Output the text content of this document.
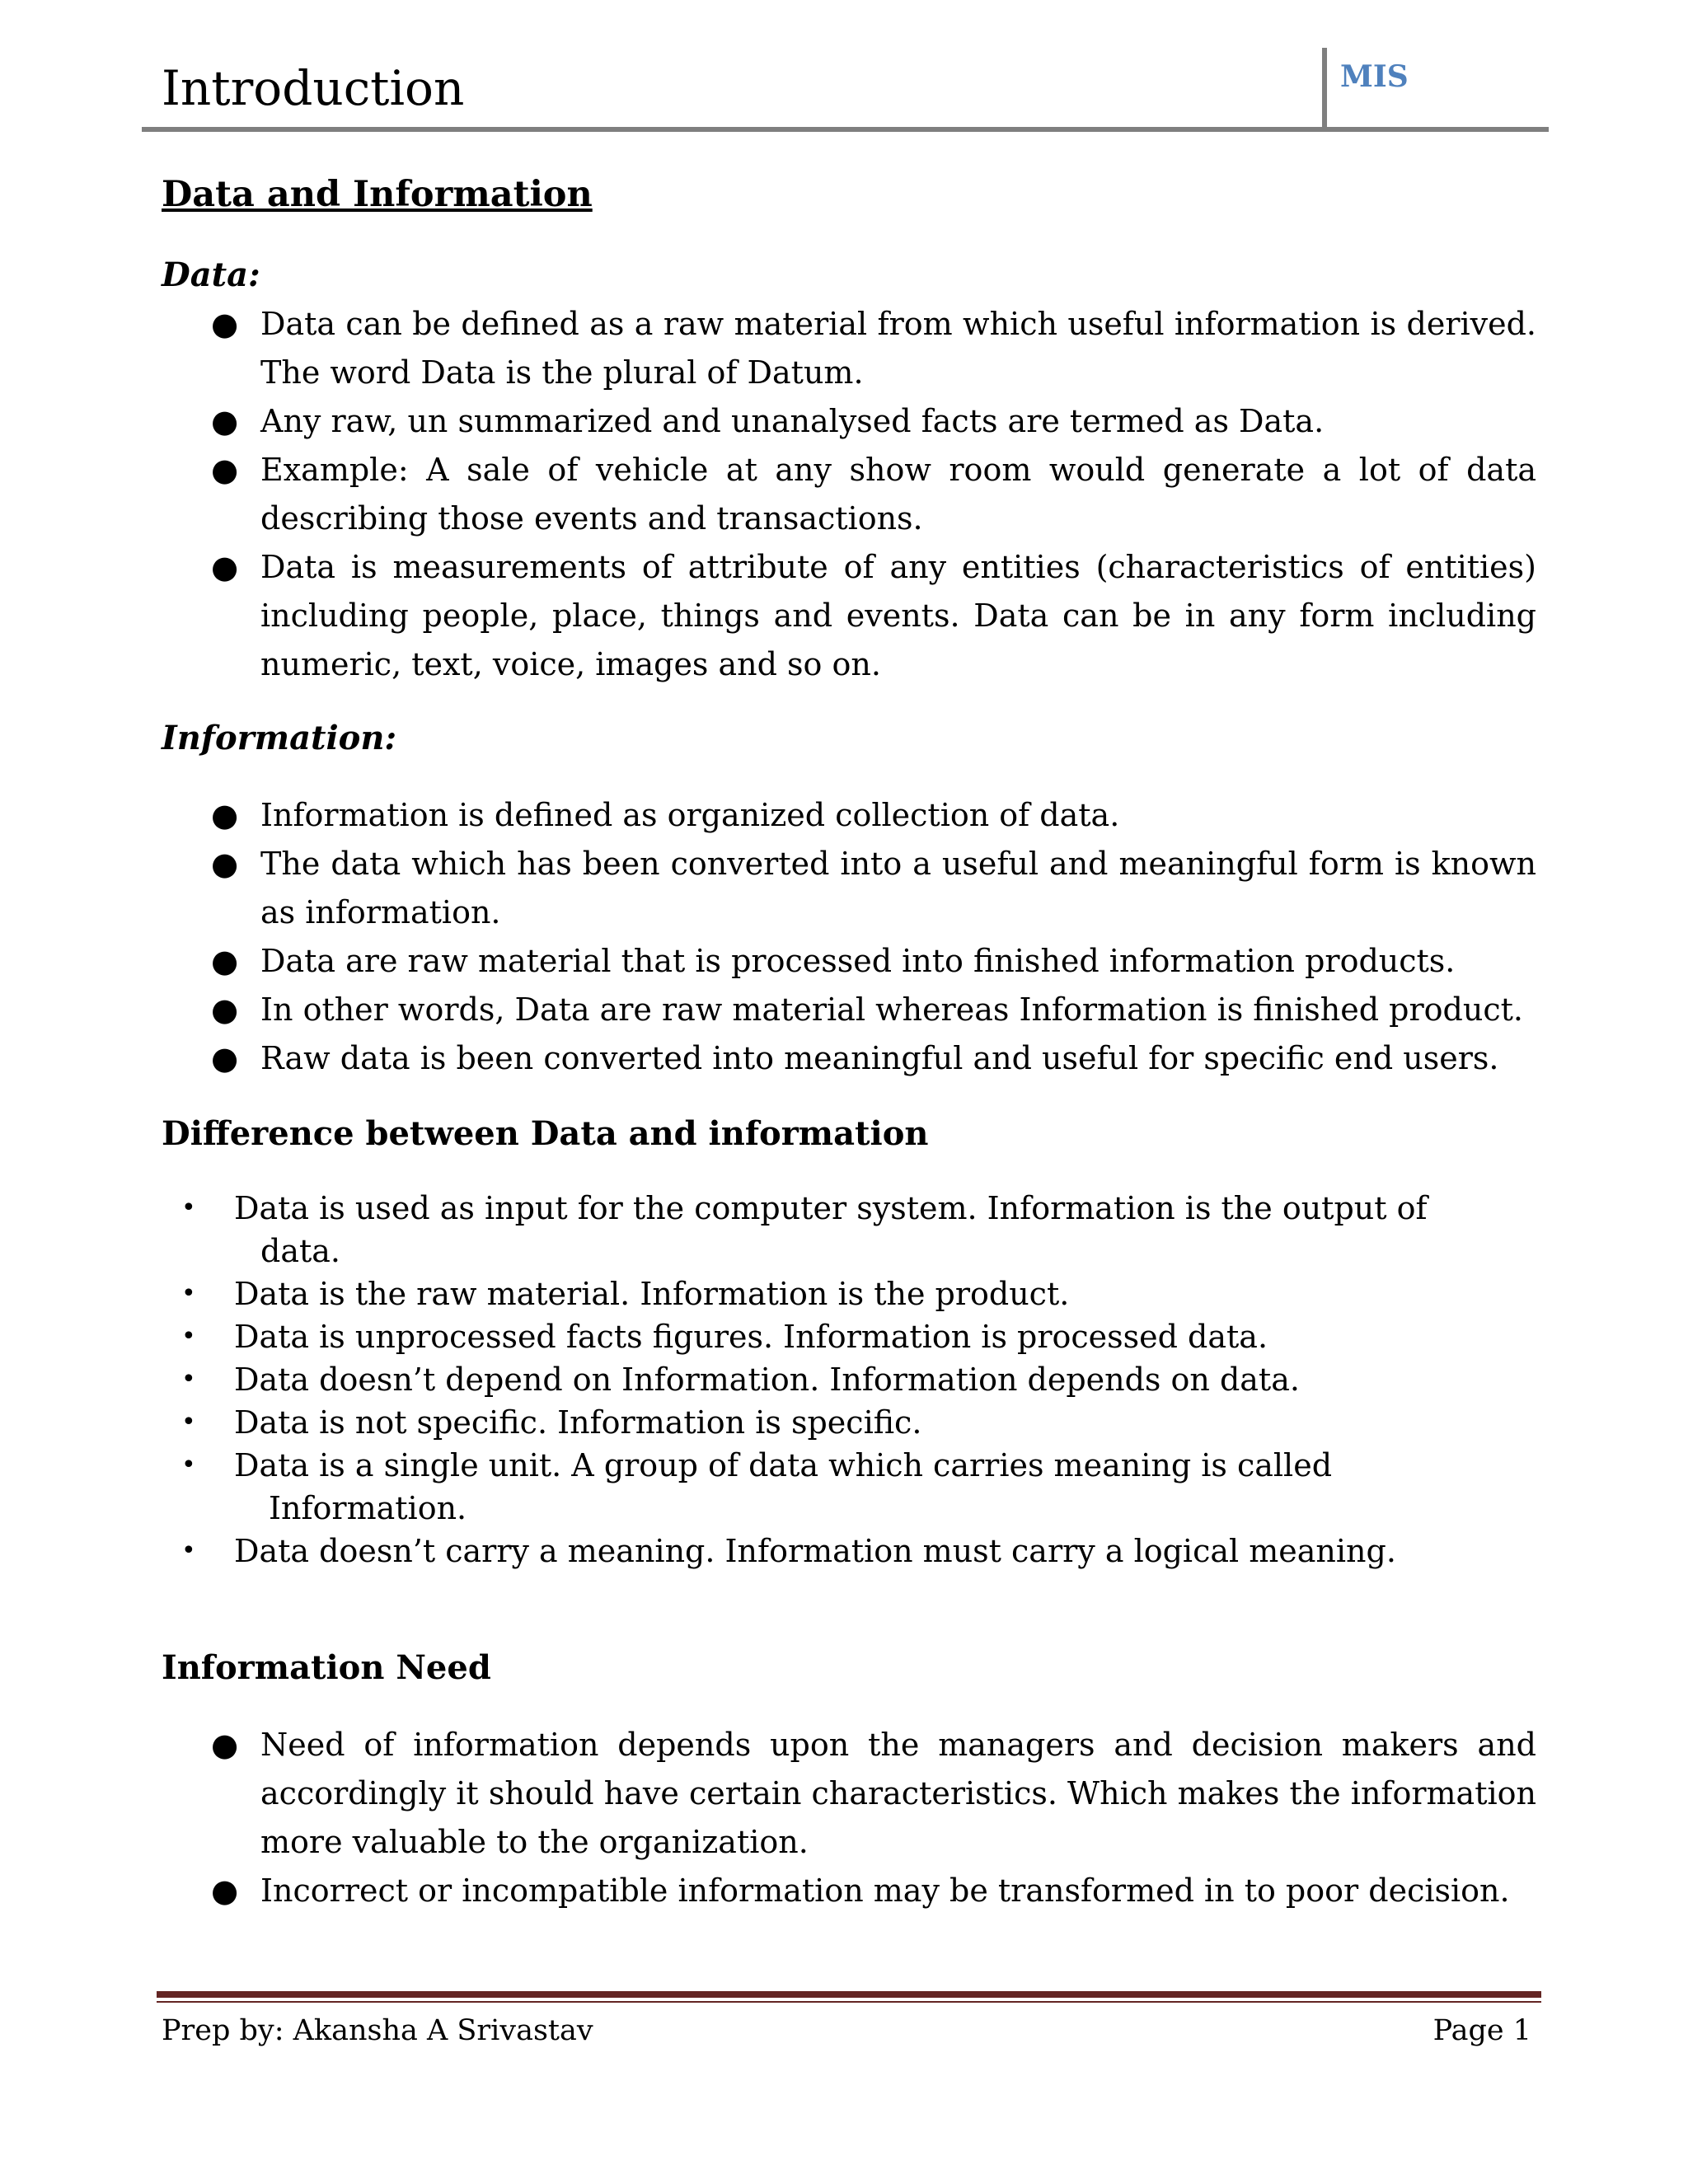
Introduction	MIS
Data and Information
Data:
● Data can be defined as a raw material from which useful information is derived. The word Data is the plural of Datum.
● Any raw, un summarized and unanalysed facts are termed as Data.
● Example: A sale of vehicle at any show room would generate a lot of data describing those events and transactions.
● Data is measurements of attribute of any entities (characteristics of entities) including people, place, things and events. Data can be in any form including numeric, text, voice, images and so on.
Information:
● Information is defined as organized collection of data.
● The data which has been converted into a useful and meaningful form is known as information.
● Data are raw material that is processed into finished information products.
● In other words, Data are raw material whereas Information is finished product.
● Raw data is been converted into meaningful and useful for specific end users.
Difference between Data and information
• Data is used as input for the computer system. Information is the output of
data.
• Data is the raw material. Information is the product.
• Data is unprocessed facts figures. Information is processed data.
• Data doesn’t depend on Information. Information depends on data.
• Data is not specific. Information is specific.
• Data is a single unit. A group of data which carries meaning is called
Information.
• Data doesn’t carry a meaning. Information must carry a logical meaning.
Information Need
● Need of information depends upon the managers and decision makers and accordingly it should have certain characteristics. Which makes the information more valuable to the organization.
● Incorrect or incompatible information may be transformed in to poor decision.
Prep by: Akansha A Srivastav	Page 1
